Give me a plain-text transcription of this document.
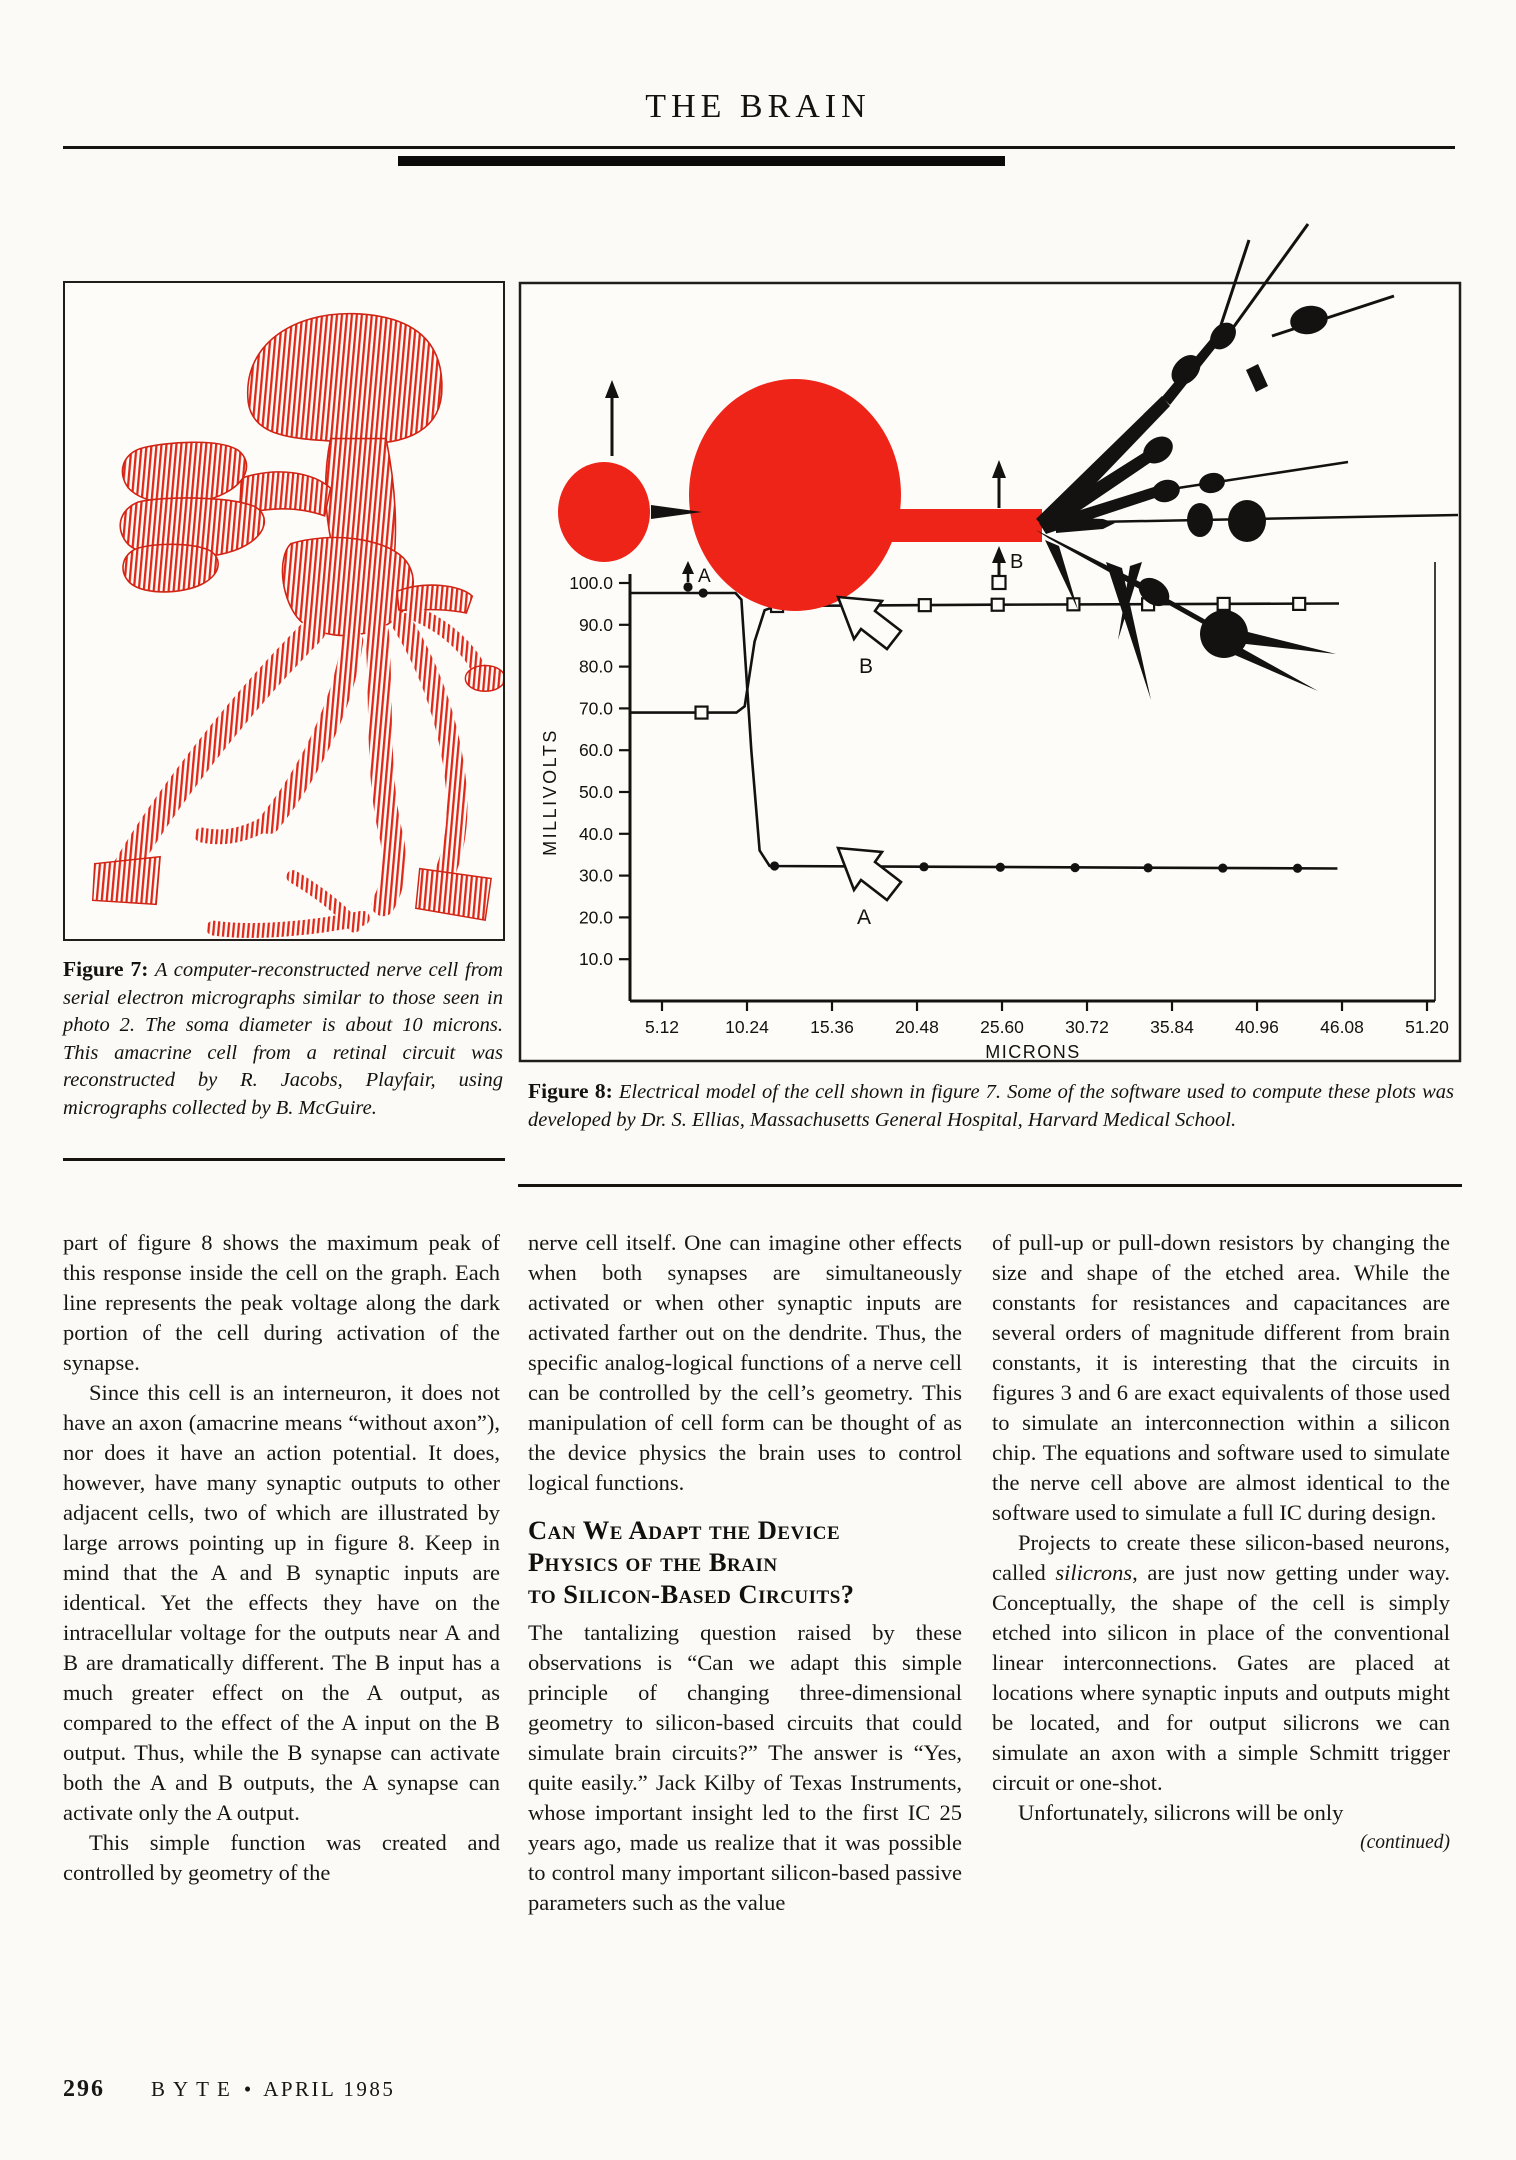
THE BRAIN
Figure 7: A computer-reconstructed nerve cell from serial electron micrographs similar to those seen in photo 2. The soma diameter is about 10 microns. This amacrine cell from a retinal circuit was reconstructed by R. Jacobs, Playfair, using micrographs collected by B. McGuire.
100.0
90.0
80.0
70.0
60.0
50.0
40.0
30.0
20.0
10.0
5.12	10.24 15.36 20.48 25.60 30.72 35.84 40.96 46.08 51.20
MILLIVOLTS
MICRONS
B
A
B
A
Figure 8: Electrical model of the cell shown in figure 7. Some of the software used to compute these plots was developed by Dr. S. Ellias, Massachusetts General Hospital, Harvard Medical School.

part of figure 8 shows the maximum peak of this response inside the cell on the graph. Each line represents the peak voltage along the dark portion of the cell during activation of the synapse.

Since this cell is an interneuron, it does not have an axon (amacrine means “without axon”), nor does it have an action potential. It does, however, have many synaptic outputs to other adjacent cells, two of which are illustrated by large arrows pointing up in figure 8. Keep in mind that the A and B synaptic inputs are identical. Yet the effects they have on the intracellular voltage for the outputs near A and B are dramatically different. The B input has a much greater effect on the A output, as compared to the effect of the A input on the B output. Thus, while the B synapse can activate both the A and B outputs, the A synapse can activate only the A output.

This simple function was created and controlled by geometry of the

nerve cell itself. One can imagine other effects when both synapses are simultaneously activated or when other synaptic inputs are activated farther out on the dendrite. Thus, the specific analog-logical functions of a nerve cell can be controlled by the cell’s geometry. This manipulation of cell form can be thought of as the device physics the brain uses to control logical functions.

Can We Adapt the Device
Physics of the Brain
to Silicon-Based Circuits?

The tantalizing question raised by these observations is “Can we adapt this simple principle of changing three-dimensional geometry to silicon-based circuits that could simulate brain circuits?” The answer is “Yes, quite easily.” Jack Kilby of Texas Instruments, whose important insight led to the first IC 25 years ago, made us realize that it was possible to control many important silicon-based passive parameters such as the value

of pull-up or pull-down resistors by changing the size and shape of the etched area. While the constants for resistances and capacitances are several orders of magnitude different from brain constants, it is interesting that the circuits in figures 3 and 6 are exact equivalents of those used to simulate an interconnection within a silicon chip. The equations and software used to simulate the nerve cell above are almost identical to the software used to simulate a full IC during design.

Projects to create these silicon-based neurons, called silicrons, are just now getting under way. Conceptually, the shape of the cell is simply etched into silicon in place of the conventional linear interconnections. Gates are placed at locations where synaptic inputs and outputs might be located, and for output silicrons we can simulate an axon with a simple Schmitt trigger circuit or one-shot.

Unfortunately, silicrons will be only

(continued)
296 BYTE • APRIL 1985
